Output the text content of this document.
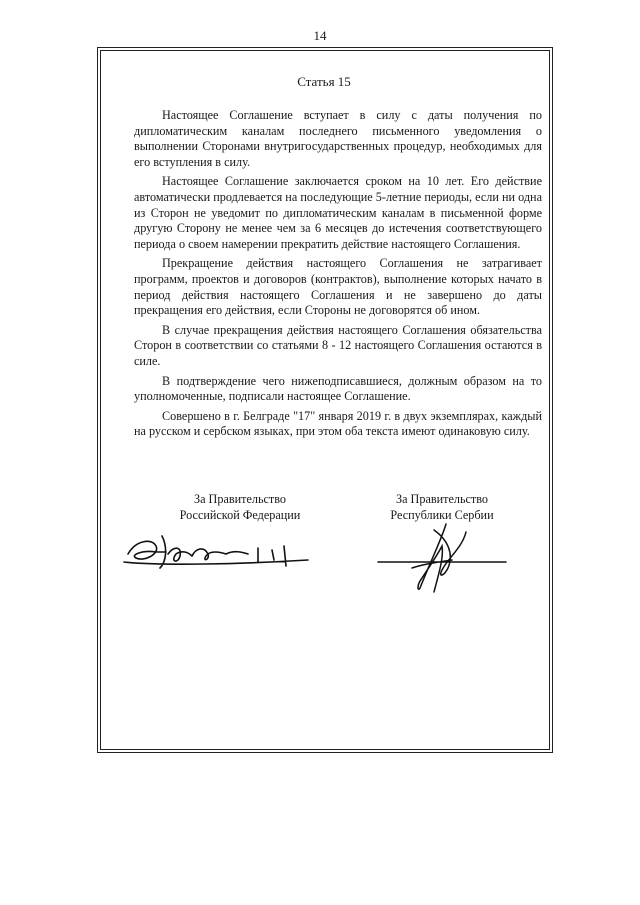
14
Статья 15

Настоящее Соглашение вступает в силу с даты получения по дипломатическим каналам последнего письменного уведомления о выполнении Сторонами внутригосударственных процедур, необходимых для его вступления в силу.

Настоящее Соглашение заключается сроком на 10 лет. Его действие автоматически продлевается на последующие 5-летние периоды, если ни одна из Сторон не уведомит по дипломатическим каналам в письменной форме другую Сторону не менее чем за 6 месяцев до истечения соответствующего периода о своем намерении прекратить действие настоящего Соглашения.

Прекращение действия настоящего Соглашения не затрагивает программ, проектов и договоров (контрактов), выполнение которых начато в период действия настоящего Соглашения и не завершено до даты прекращения его действия, если Стороны не договорятся об ином.

В случае прекращения действия настоящего Соглашения обязательства Сторон в соответствии со статьями 8 - 12 настоящего Соглашения остаются в силе.

В подтверждение чего нижеподписавшиеся, должным образом на то уполномоченные, подписали настоящее Соглашение.

Совершено в г. Белграде "17" января 2019 г. в двух экземплярах, каждый на русском и сербском языках, при этом оба текста имеют одинаковую силу.

За Правительство
Российской Федерации
За Правительство
Республики Сербии
